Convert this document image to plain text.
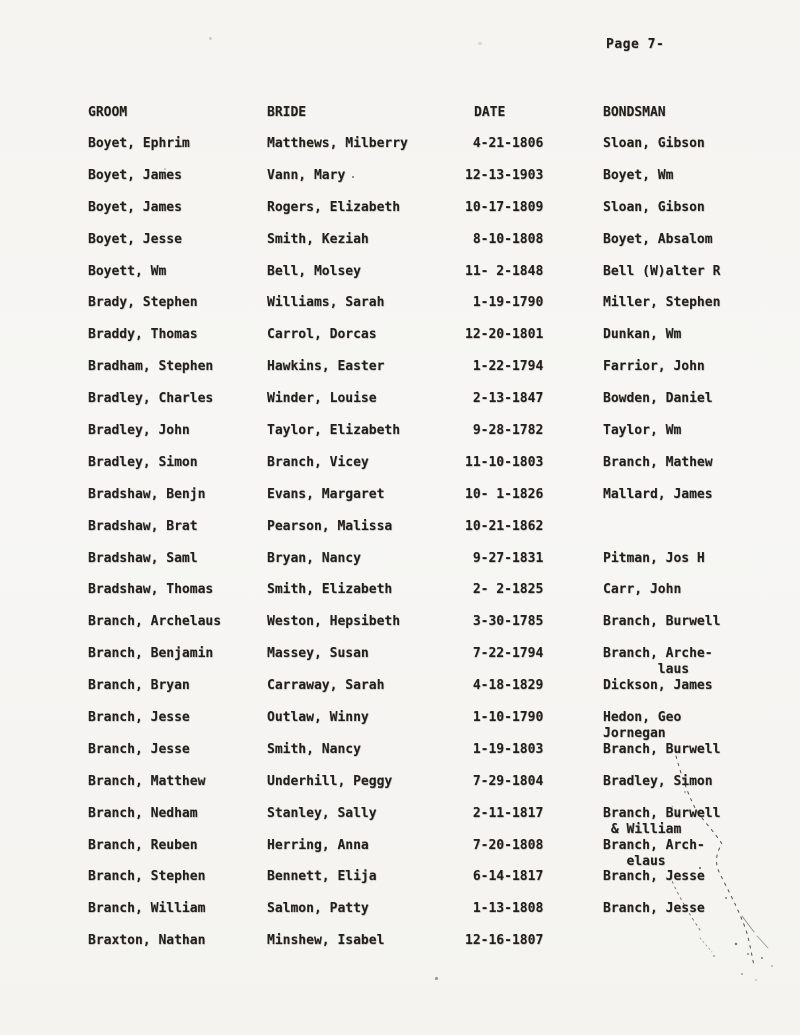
Page 7-
GROOM	BRIDE	DATE	BONDSMAN
Boyet, Ephrim	Matthews, Milberry	4-21-1806	Sloan, Gibson
Boyet, James	Vann, Mary	12-13-1903	Boyet, Wm
Boyet, James	Rogers, Elizabeth	10-17-1809	Sloan, Gibson
Boyet, Jesse	Smith, Keziah	8-10-1808	Boyet, Absalom
Boyett, Wm	Bell, Molsey	11- 2-1848	Bell (W)alter R
Brady, Stephen	Williams, Sarah	1-19-1790	Miller, Stephen
Braddy, Thomas	Carrol, Dorcas	12-20-1801	Dunkan, Wm
Bradham, Stephen	Hawkins, Easter	1-22-1794	Farrior, John
Bradley, Charles	Winder, Louise	2-13-1847	Bowden, Daniel
Bradley, John	Taylor, Elizabeth	9-28-1782	Taylor, Wm
Bradley, Simon	Branch, Vicey	11-10-1803	Branch, Mathew
Bradshaw, Benjn	Evans, Margaret	10- 1-1826	Mallard, James
Bradshaw, Brat	Pearson, Malissa	10-21-1862
Bradshaw, Saml	Bryan, Nancy	9-27-1831	Pitman, Jos H
Bradshaw, Thomas	Smith, Elizabeth	2- 2-1825	Carr, John
Branch, Archelaus	Weston, Hepsibeth	3-30-1785	Branch, Burwell
Branch, Benjamin	Massey, Susan	7-22-1794	Branch, Arche-
laus
Branch, Bryan	Carraway, Sarah	4-18-1829	Dickson, James
Branch, Jesse	Outlaw, Winny	1-10-1790	Hedon, Geo
Jornegan
Branch, Jesse	Smith, Nancy	1-19-1803	Branch, Burwell
Branch, Matthew	Underhill, Peggy	7-29-1804	Bradley, Simon
Branch, Nedham	Stanley, Sally	2-11-1817	Branch, Burwell
& William
Branch, Reuben	Herring, Anna	7-20-1808	Branch, Arch-
elaus
Branch, Stephen	Bennett, Elija	6-14-1817	Branch, Jesse
Branch, William	Salmon, Patty	1-13-1808	Branch, Jesse
Braxton, Nathan	Minshew, Isabel	12-16-1807
